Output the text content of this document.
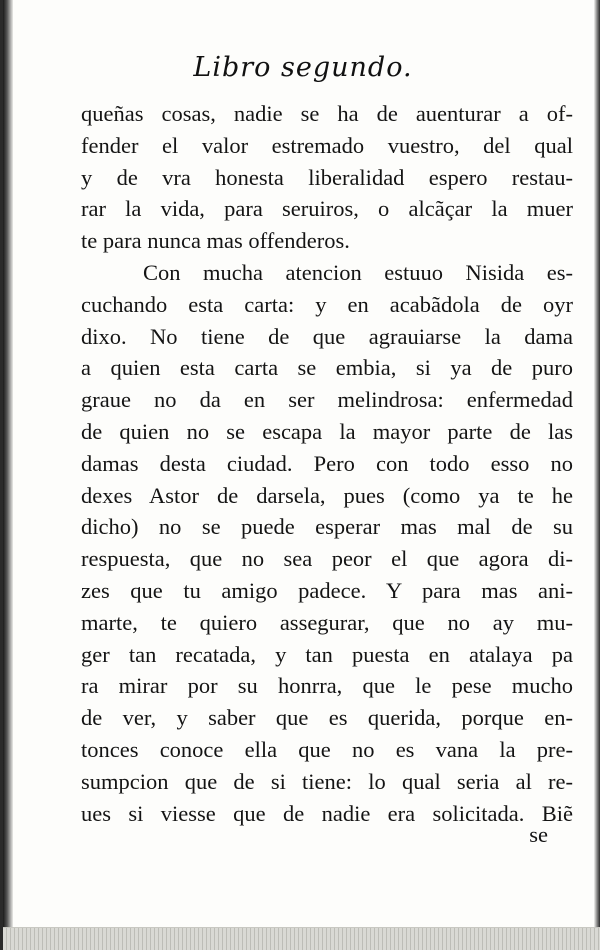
Libro segundo.
queñas cosas, nadie se ha de auenturar a of-
fender el valor estremado vuestro, del qual
y de vra honesta liberalidad espero restau-
rar la vida, para seruiros, o alcãçar la muer
te para nunca mas offenderos.
Con mucha atencion estuuo Nisida es-
cuchando esta carta: y en acabãdola de oyr
dixo. No tiene de que agrauiarse la dama
a quien esta carta se embia, si ya de puro
graue no da en ser melindrosa: enfermedad
de quien no se escapa la mayor parte de las
damas desta ciudad. Pero con todo esso no
dexes Astor de darsela, pues (como ya te he
dicho) no se puede esperar mas mal de su
respuesta, que no sea peor el que agora di-
zes que tu amigo padece. Y para mas ani-
marte, te quiero assegurar, que no ay mu-
ger tan recatada, y tan puesta en atalaya pa
ra mirar por su honrra, que le pese mucho
de ver, y saber que es querida, porque en-
tonces conoce ella que no es vana la pre-
sumpcion que de si tiene: lo qual seria al re-
ues si viesse que de nadie era solicitada. Biẽ
se
